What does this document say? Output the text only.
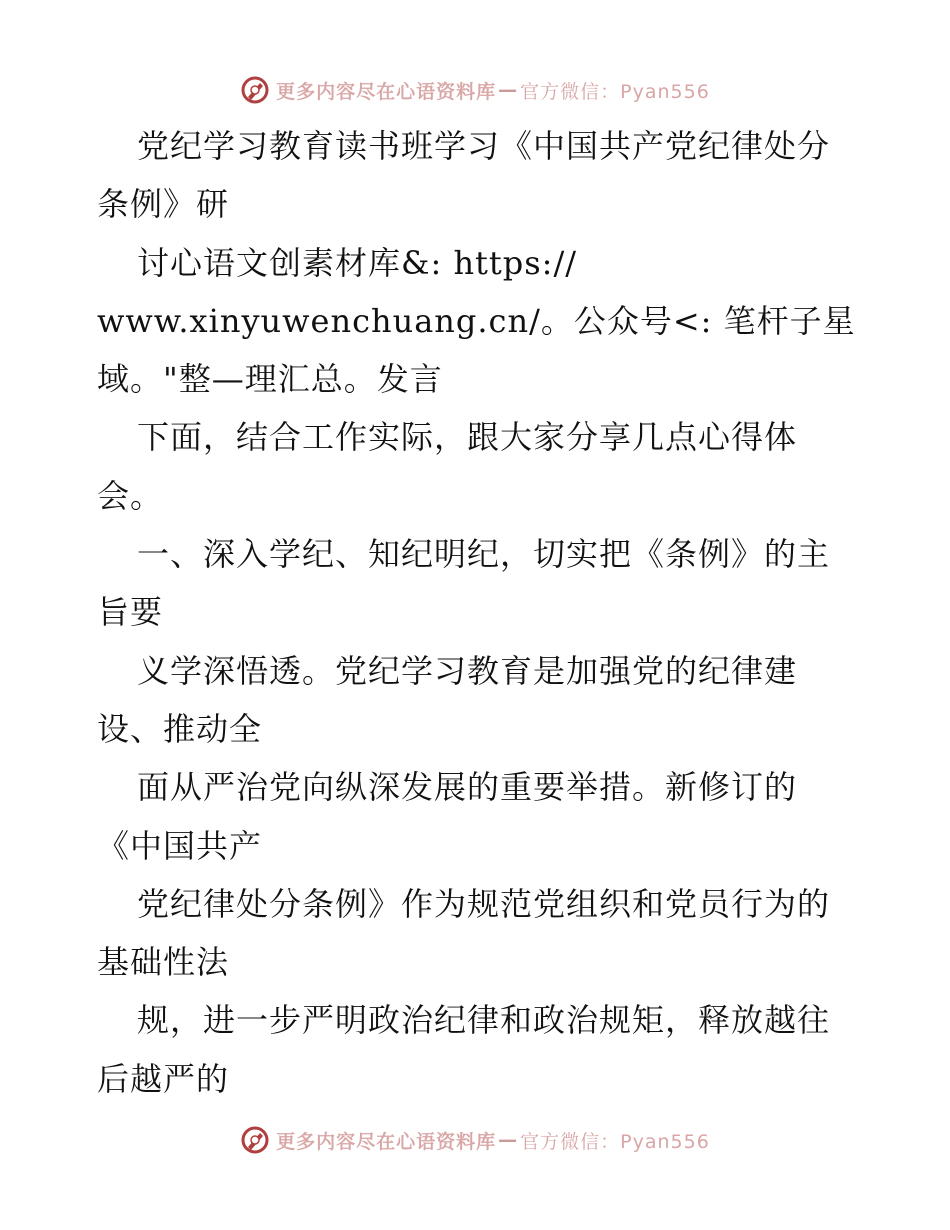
更多内容尽在心语资料库 — 官方微信：Pyan556
党纪学习教育读书班学习《中国共产党纪律处分
条例》研
讨心语文创素材库&: https://
www.xinyuwenchuang.cn/。公众号<: 笔杆子星
域。"整—理汇总。发言
下面，结合工作实际，跟大家分享几点心得体
会。
一、深入学纪、知纪明纪，切实把《条例》的主
旨要
义学深悟透。党纪学习教育是加强党的纪律建
设、推动全
面从严治党向纵深发展的重要举措。新修订的
《中国共产
党纪律处分条例》作为规范党组织和党员行为的
基础性法
规，进一步严明政治纪律和政治规矩，释放越往
后越严的
更多内容尽在心语资料库 — 官方微信：Pyan556
